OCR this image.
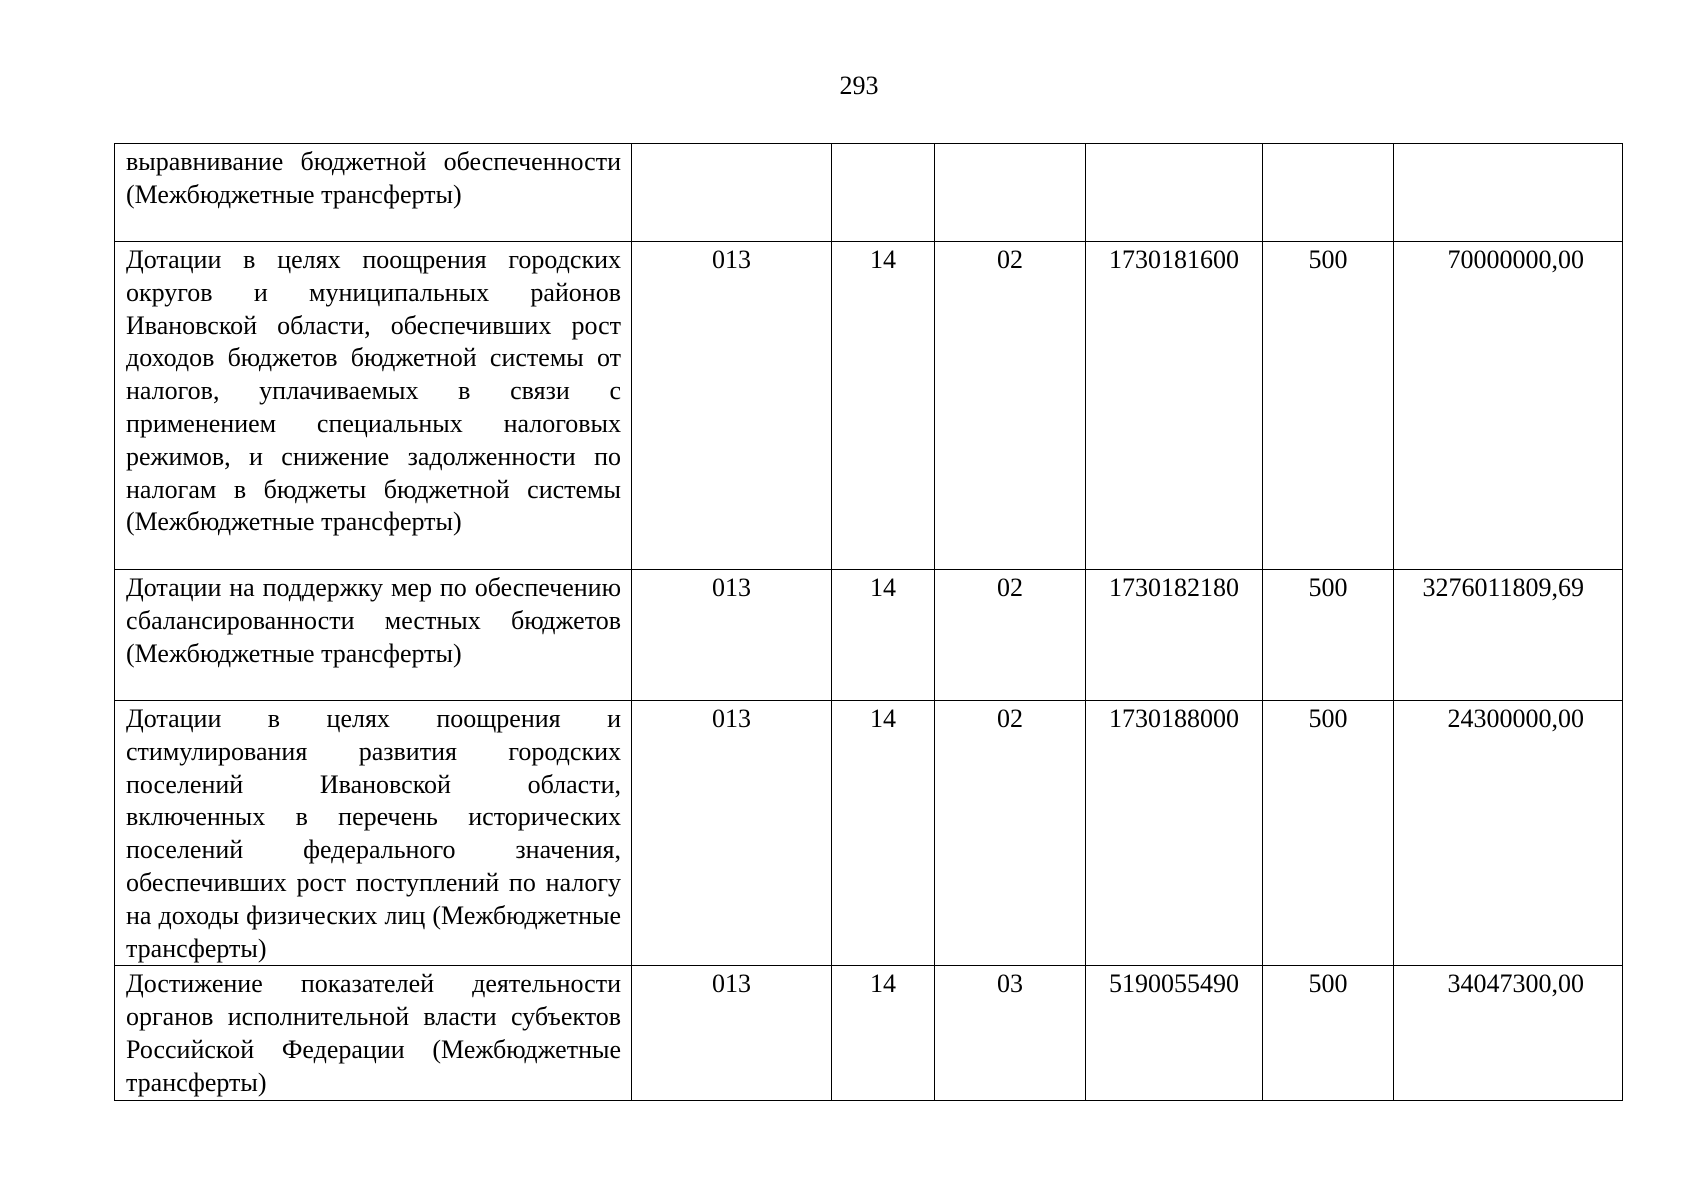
293
выравнивание бюджетной обеспеченности (Межбюджетные трансферты)						
Дотации в целях поощрения городских округов и муниципальных районов Ивановской области, обеспечивших рост доходов бюджетов бюджетной системы от налогов, уплачиваемых в связи с применением специальных налоговых режимов, и снижение задолженности по налогам в бюджеты бюджетной системы (Межбюджетные трансферты)	013	14	02	1730181600	500	70000000,00
Дотации на поддержку мер по обеспечению сбалансированности местных бюджетов (Межбюджетные трансферты)	013	14	02	1730182180	500	3276011809,69
Дотации в целях поощрения и стимулирования развития городских поселений Ивановской области, включенных в перечень исторических поселений федерального значения, обеспечивших рост поступлений по налогу на доходы физических лиц (Межбюджетные трансферты)	013	14	02	1730188000	500	24300000,00
Достижение показателей деятельности органов исполнительной власти субъектов Российской Федерации (Межбюджетные трансферты)	013	14	03	5190055490	500	34047300,00
